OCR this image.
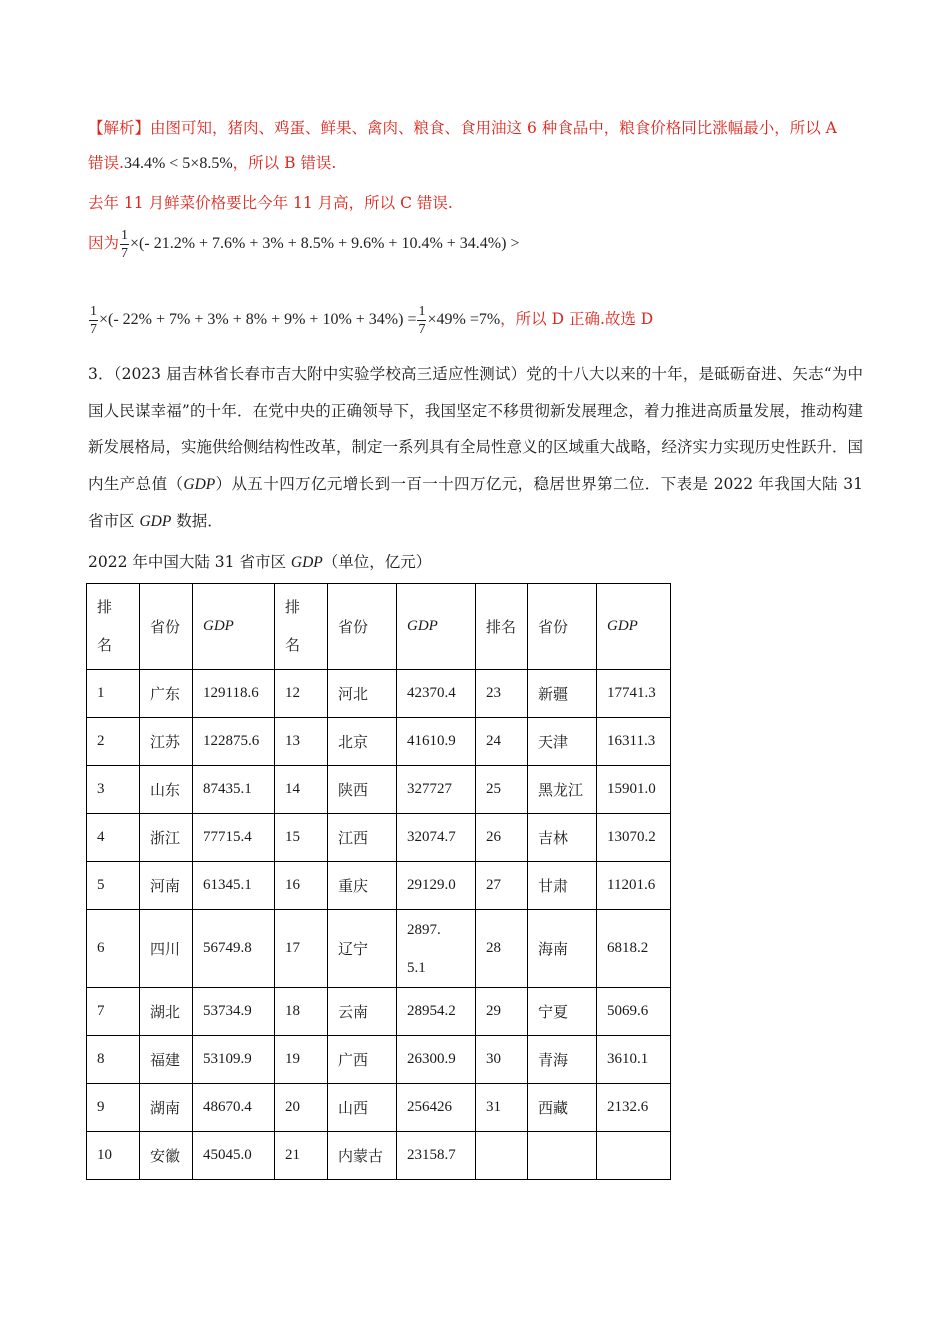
【解析】由图可知，猪肉、鸡蛋、鲜果、禽肉、粮食、食用油这 6 种食品中，粮食价格同比涨幅最小，所以 A
错误.34.4% < 5×8.5%，所以 B 错误.
去年 11 月鲜菜价格要比今年 11 月高，所以 C 错误.
因为 $\frac{1}{7}$ ×(- 21.2% + 7.6% + 3% + 8.5% + 9.6% + 10.4% + 34.4%) >
$\frac{1}{7}$ ×(- $22\% + 7\% + 3\% + 8\% + 9\% + 10\% + 34\%) = \frac{1}{7} \times 49\% =7\%$，所以 D 正确.故选 D
3．（2023 届吉林省长春市吉大附中实验学校高三适应性测试）党的十八大以来的十年，是砥砺奋进、矢志“为中国人民谋幸福”的十年．在党中央的正确领导下，我国坚定不移贯彻新发展理念，着力推进高质量发展，推动构建新发展格局，实施供给侧结构性改革，制定一系列具有全局性意义的区域重大战略，经济实力实现历史性跃升．国内生产总值（GDP）从五十四万亿元增长到一百一十四万亿元，稳居世界第二位．下表是 2022 年我国大陆 31 省市区 GDP 数据．
2022 年中国大陆 31 省市区 GDP（单位，亿元）
排
名	省份	GDP	排
名	省份	GDP	排名	省份	GDP
1	广东	129118.6	12	河北	42370.4	23	新疆	17741.3
2	江苏	122875.6	13	北京	41610.9	24	天津	16311.3
3	山东	87435.1	14	陕西	327727	25	黑龙江	15901.0
4	浙江	77715.4	15	江西	32074.7	26	吉林	13070.2
5	河南	61345.1	16	重庆	29129.0	27	甘肃	11201.6
6	四川	56749.8	17	辽宁	2897.5.1	28	海南	6818.2
7	湖北	53734.9	18	云南	28954.2	29	宁夏	5069.6
8	福建	53109.9	19	广西	26300.9	30	青海	3610.1
9	湖南	48670.4	20	山西	256426	31	西藏	2132.6
10	安徽	45045.0	21	内蒙古	23158.7			
